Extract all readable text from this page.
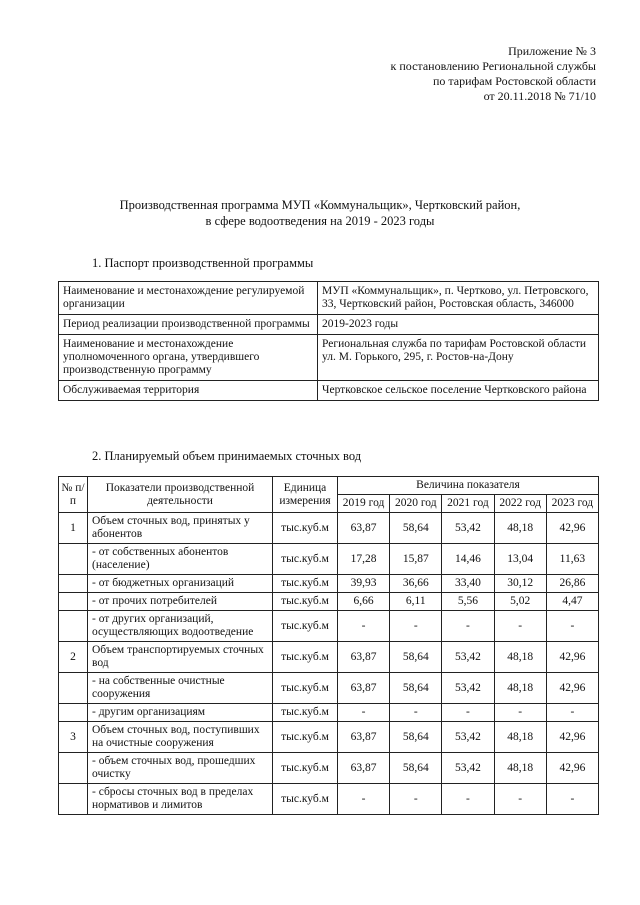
Приложение № 3
к постановлению Региональной службы
по тарифам Ростовской области
от 20.11.2018 № 71/10
Производственная программа МУП «Коммунальщик», Чертковский район,
в сфере водоотведения на 2019 - 2023 годы
1. Паспорт производственной программы
Наименование и местонахождение регулируемой организации	МУП «Коммунальщик», п. Чертково, ул. Петровского, 33, Чертковский район, Ростовская область, 346000
Период реализации производственной программы	2019-2023 годы
Наименование и местонахождение уполномоченного органа, утвердившего производственную программу	Региональная служба по тарифам Ростовской области ул. М. Горького, 295, г. Ростов-на-Дону
Обслуживаемая территория	Чертковское сельское поселение Чертковского района
2. Планируемый объем принимаемых сточных вод
№ п/п	Показатели производственной деятельности	Единица измерения	Величина показателя				
			2019 год	2020 год	2021 год	2022 год	2023 год
1	Объем сточных вод, принятых у абонентов	тыс.куб.м	63,87	58,64	53,42	48,18	42,96
	- от собственных абонентов (население)	тыс.куб.м	17,28	15,87	14,46	13,04	11,63
	- от бюджетных организаций	тыс.куб.м	39,93	36,66	33,40	30,12	26,86
	- от прочих потребителей	тыс.куб.м	6,66	6,11	5,56	5,02	4,47
	- от других организаций, осуществляющих водоотведение	тыс.куб.м	-	-	-	-	-
2	Объем транспортируемых сточных вод	тыс.куб.м	63,87	58,64	53,42	48,18	42,96
	- на собственные очистные сооружения	тыс.куб.м	63,87	58,64	53,42	48,18	42,96
	- другим организациям	тыс.куб.м	-	-	-	-	-
3	Объем сточных вод, поступивших на очистные сооружения	тыс.куб.м	63,87	58,64	53,42	48,18	42,96
	- объем сточных вод, прошедших очистку	тыс.куб.м	63,87	58,64	53,42	48,18	42,96
	- сбросы сточных вод в пределах нормативов и лимитов	тыс.куб.м	-	-	-	-	-
